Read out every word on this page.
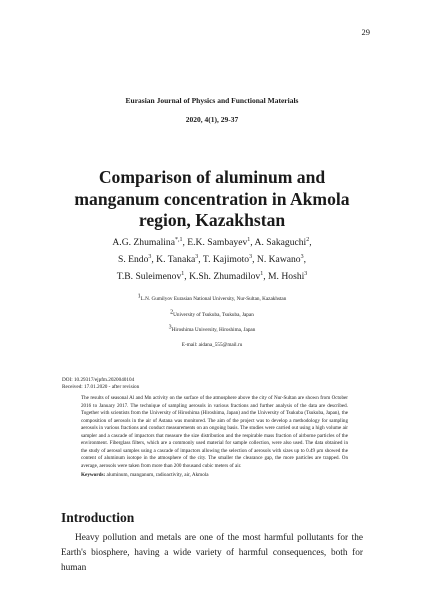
29
Eurasian Journal of Physics and Functional Materials
2020, 4(1), 29-37
Comparison of aluminum and
manganum concentration in Akmola
region, Kazakhstan
A.G. Zhumalina$^{*,1}$, E.K. Sambayev$^1$, A. Sakaguchi$^2$,
S. Endo$^3$, K. Tanaka$^3$, T. Kajimoto$^3$, N. Kawano$^3$,
T.B. Suleimenov$^1$, K.Sh. Zhumadilov$^1$, M. Hoshi$^3$
$^1$L.N. Gumilyov Eurasian National University, Nur-Sultan, Kazakhstan
$^2$University of Tsukuba, Tsukuba, Japan
$^3$Hiroshima University, Hiroshima, Japan
E-mail: aidana_555@mail.ru
DOI: 10.29317/ejpfm.2020040104
Received: 17.01.2020 - after revision

The results of seasonal Al and Mn activity on the surface of the atmosphere above the city of Nur-Sultan are shown from October 2016 to January 2017. The technique of sampling aerosols in various fractions and further analysis of the data are described. Together with scientists from the University of Hiroshima (Hiroshima, Japan) and the University of Tsukuba (Tsukuba, Japan), the composition of aerosols in the air of Astana was monitored. The aim of the project was to develop a methodology for sampling aerosols in various fractions and conduct measurements on an ongoing basis. The studies were carried out using a high volume air sampler and a cascade of impactors that measure the size distribution and the respirable mass fraction of airborne particles of the environment. Fiberglass filters, which are a commonly used material for sample collection, were also used. The data obtained in the study of aerosol samples using a cascade of impactors allowing the selection of aerosols with sizes up to 0.49 μm showed the content of aluminum isotope in the atmosphere of the city. The smaller the clearance gap, the more particles are trapped. On average, aerosols were taken from more than 200 thousand cubic meters of air.

Keywords: aluminum, manganum, radioactivity, air, Akmola
Introduction

Heavy pollution and metals are one of the most harmful pollutants for the Earth's biosphere, having a wide variety of harmful consequences, both for human
